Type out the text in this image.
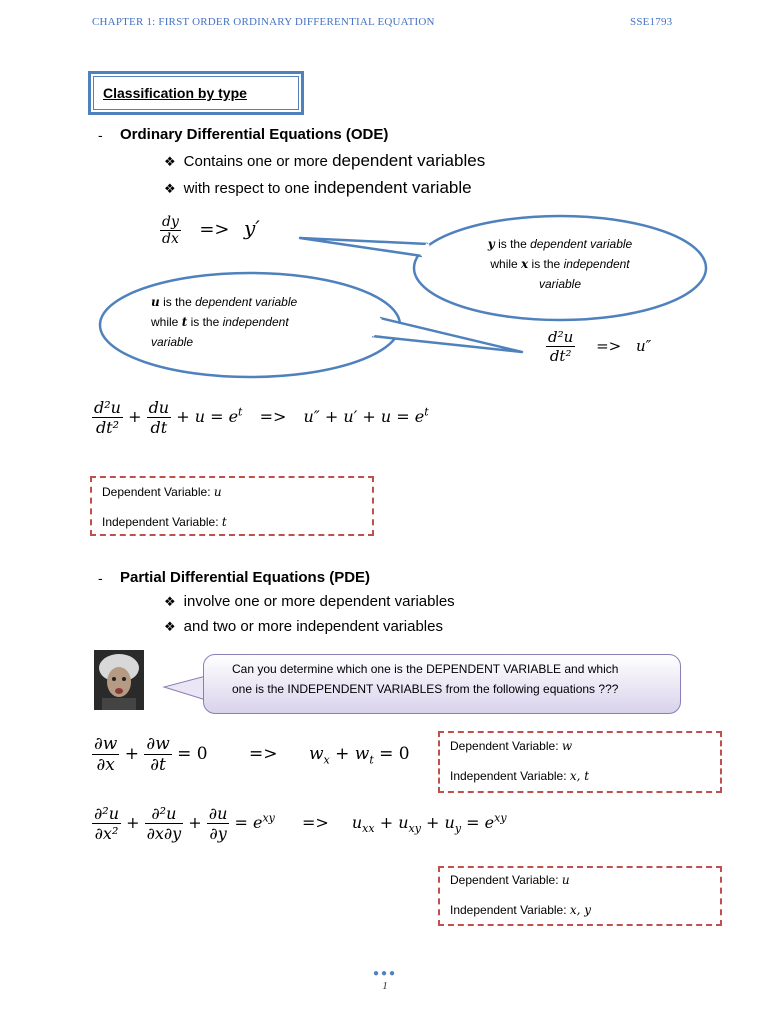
CHAPTER 1: FIRST ORDER ORDINARY DIFFERENTIAL EQUATION	SSE1793
Classification by type
- Ordinary Differential Equations (ODE)
❖ Contains one or more dependent variables
❖ with respect to one independent variable
$\frac{dy}{dx} => y'$
y is the dependent variable
while x is the independent
variable
u is the dependent variable
while t is the independent
variable	$\frac{\text{d²u}}{\text{dt²}} => u''$
$\frac{\text{d²u}}{\text{dt²}} + \frac{du}{dt} + u = e^t => u'' + u' + u = e^t$
Dependent Variable: u
Independent Variable: t
- Partial Differential Equations (PDE)
❖ involve one or more dependent variables
❖ and two or more independent variables
Can you determine which one is the DEPENDENT VARIABLE and which
one is the INDEPENDENT VARIABLES from the following equations ???
$\frac{\partial w}{\partial x} + \frac{\partial w}{\partial t} = 0 => w_x + w_t = 0$	Dependent Variable: w
Independent Variable: x, t
$\frac{\text{∂²u}}{\text{∂x²}} + \frac{\text{∂²u}}{\partial x\partial y} + \frac{\partial u}{\partial y} = e^{xy} => u_{xx} + u_{xy} + u_y = e^{xy}$
Dependent Variable: u
Independent Variable: x, y
●●●
1
